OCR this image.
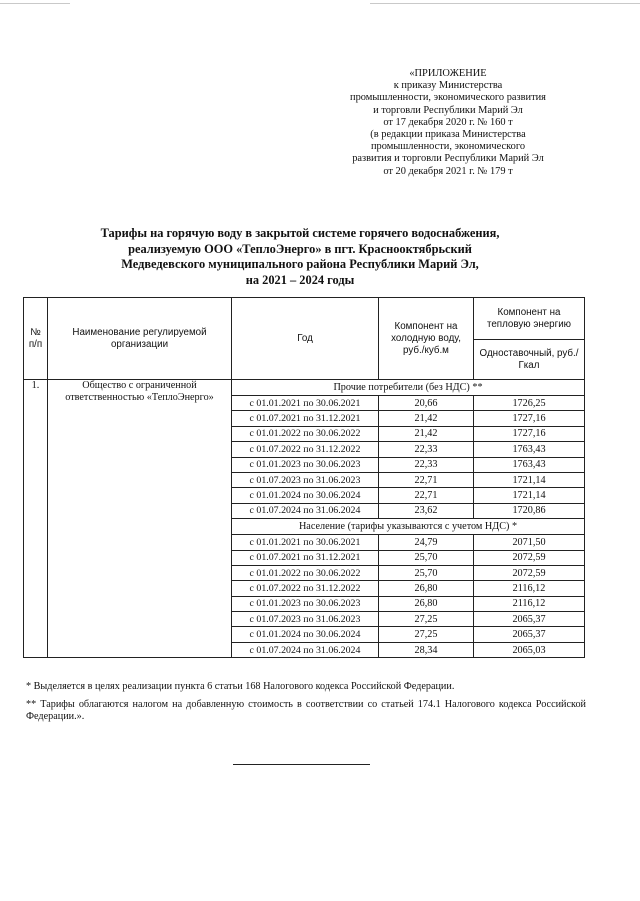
«ПРИЛОЖЕНИЕ
к приказу Министерства
промышленности, экономического развития
и торговли Республики Марий Эл
от 17 декабря 2020 г. № 160 т
(в редакции приказа Министерства
промышленности, экономического
развития и торговли Республики Марий Эл
от 20 декабря 2021 г. № 179 т
Тарифы на горячую воду в закрытой системе горячего водоснабжения,
реализуемую ООО «ТеплоЭнерго» в пгт. Краснооктябрьский
Медведевского муниципального района Республики Марий Эл,
на 2021 – 2024 годы
№ п/п	Наименование регулируемой организации	Год	Компонент на холодную воду, руб./куб.м	Компонент на тепловую энергию
				Одноставочный, руб./Гкал
1.	Общество с ограниченной ответственностью «ТеплоЭнерго»	Прочие потребители (без НДС) **		
		с 01.01.2021 по 30.06.2021	20,66	1726,25
		с 01.07.2021 по 31.12.2021	21,42	1727,16
		с 01.01.2022 по 30.06.2022	21,42	1727,16
		с 01.07.2022 по 31.12.2022	22,33	1763,43
		с 01.01.2023 по 30.06.2023	22,33	1763,43
		с 01.07.2023 по 31.06.2023	22,71	1721,14
		с 01.01.2024 по 30.06.2024	22,71	1721,14
		с 01.07.2024 по 31.06.2024	23,62	1720,86
		Население (тарифы указываются с учетом НДС) *		
		с 01.01.2021 по 30.06.2021	24,79	2071,50
		с 01.07.2021 по 31.12.2021	25,70	2072,59
		с 01.01.2022 по 30.06.2022	25,70	2072,59
		с 01.07.2022 по 31.12.2022	26,80	2116,12
		с 01.01.2023 по 30.06.2023	26,80	2116,12
		с 01.07.2023 по 31.06.2023	27,25	2065,37
		с 01.01.2024 по 30.06.2024	27,25	2065,37
		с 01.07.2024 по 31.06.2024	28,34	2065,03
* Выделяется в целях реализации пункта 6 статьи 168 Налогового кодекса Российской Федерации.
** Тарифы облагаются налогом на добавленную стоимость в соответствии со статьей 174.1 Налогового кодекса Российской Федерации.».
